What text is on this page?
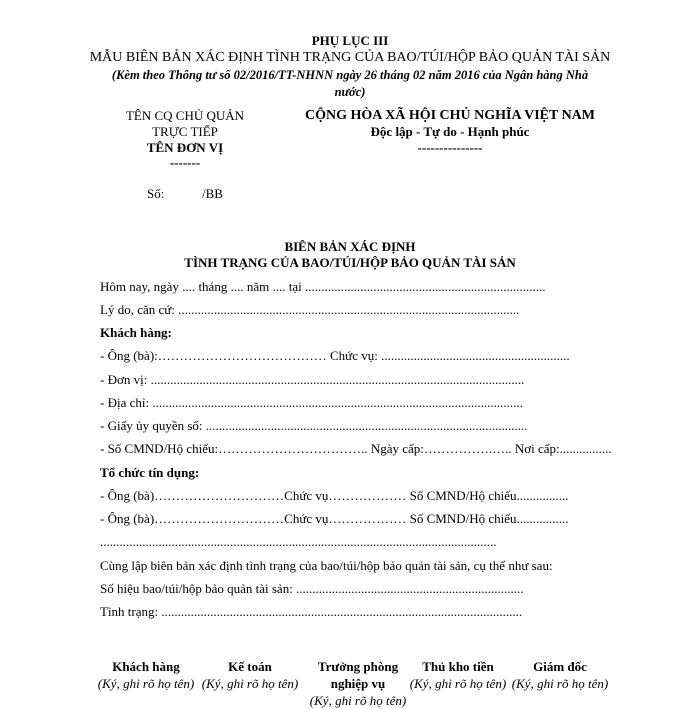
PHỤ LỤC III
MẪU BIÊN BẢN XÁC ĐỊNH TÌNH TRẠNG CỦA BAO/TÚI/HỘP BẢO QUẢN TÀI SẢN
(Kèm theo Thông tư số 02/2016/TT-NHNN ngày 26 tháng 02 năm 2016 của Ngân hàng Nhà
nước)
TÊN CQ CHỦ QUẢN
TRỰC TIẾP
TÊN ĐƠN VỊ
-------
Số:	/BB
CỘNG HÒA XÃ HỘI CHỦ NGHĨA VIỆT NAM
Độc lập - Tự do - Hạnh phúc
---------------
BIÊN BẢN XÁC ĐỊNH
TÌNH TRẠNG CỦA BAO/TÚI/HỘP BẢO QUẢN TÀI SẢN
Hôm nay, ngày .... tháng .... năm .... tại ..........................................................................
Lý do, căn cứ: .........................................................................................................
Khách hàng:
- Ông (bà):………………………………… Chức vụ: ..........................................................
- Đơn vị: ...................................................................................................................
- Địa chỉ: ..................................................................................................................
- Giấy ủy quyền số: ...................................................................................................
- Số CMND/Hộ chiếu:…………………………….. Ngày cấp:…………….….. Nơi cấp:................
Tổ chức tín dụng:
- Ông (bà)…………………………Chức vụ……………… Số CMND/Hộ chiếu................
- Ông (bà)…………………………Chức vụ……………… Số CMND/Hộ chiếu................
..........................................................................................................................
Cùng lập biên bản xác định tình trạng của bao/túi/hộp bảo quản tài sản, cụ thể như sau:
Số hiệu bao/túi/hộp bảo quản tài sản: ......................................................................
Tình trạng: ...............................................................................................................
Khách hàng
(Ký, ghi rõ họ tên)
Kế toán
(Ký, ghi rõ họ tên)
Trưởng phòng nghiệp vụ
(Ký, ghi rõ họ tên)
Thủ kho tiền
(Ký, ghi rõ họ tên)
Giám đốc
(Ký, ghi rõ họ tên)
